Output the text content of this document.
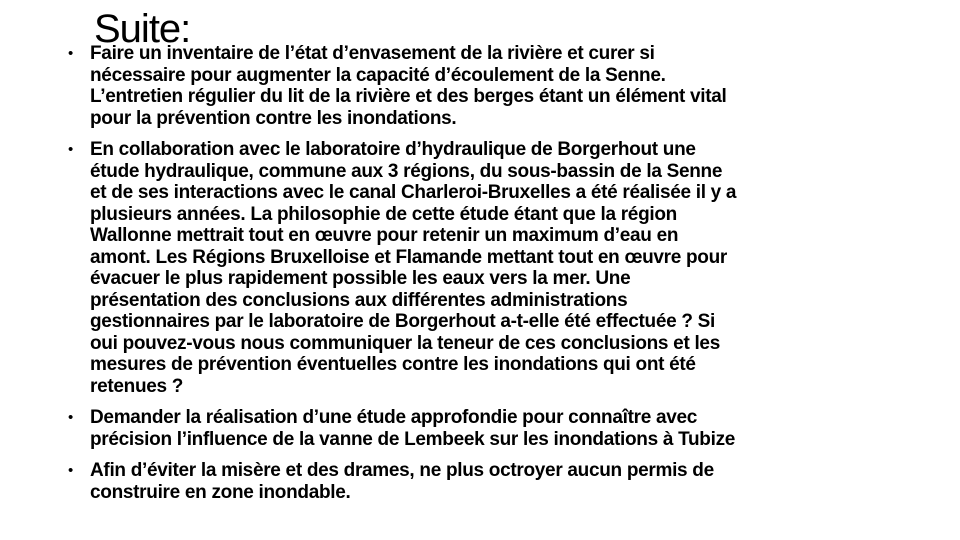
Suite:
• Faire un inventaire de l’état d’envasement de la rivière et curer si
nécessaire pour augmenter la capacité d’écoulement de la Senne.
L’entretien régulier du lit de la rivière et des berges étant un élément vital
pour la prévention contre les inondations.
• En collaboration avec le laboratoire d’hydraulique de Borgerhout une
étude hydraulique, commune aux 3 régions, du sous-bassin de la Senne
et de ses interactions avec le canal Charleroi-Bruxelles a été réalisée il y a
plusieurs années. La philosophie de cette étude étant que la région
Wallonne mettrait tout en œuvre pour retenir un maximum d’eau en
amont. Les Régions Bruxelloise et Flamande mettant tout en œuvre pour
évacuer le plus rapidement possible les eaux vers la mer. Une
présentation des conclusions aux différentes administrations
gestionnaires par le laboratoire de Borgerhout a-t-elle été effectuée ? Si
oui pouvez-vous nous communiquer la teneur de ces conclusions et les
mesures de prévention éventuelles contre les inondations qui ont été
retenues ?
• Demander la réalisation d’une étude approfondie pour connaître avec
précision l’influence de la vanne de Lembeek sur les inondations à Tubize
• Afin d’éviter la misère et des drames, ne plus octroyer aucun permis de
construire en zone inondable.
